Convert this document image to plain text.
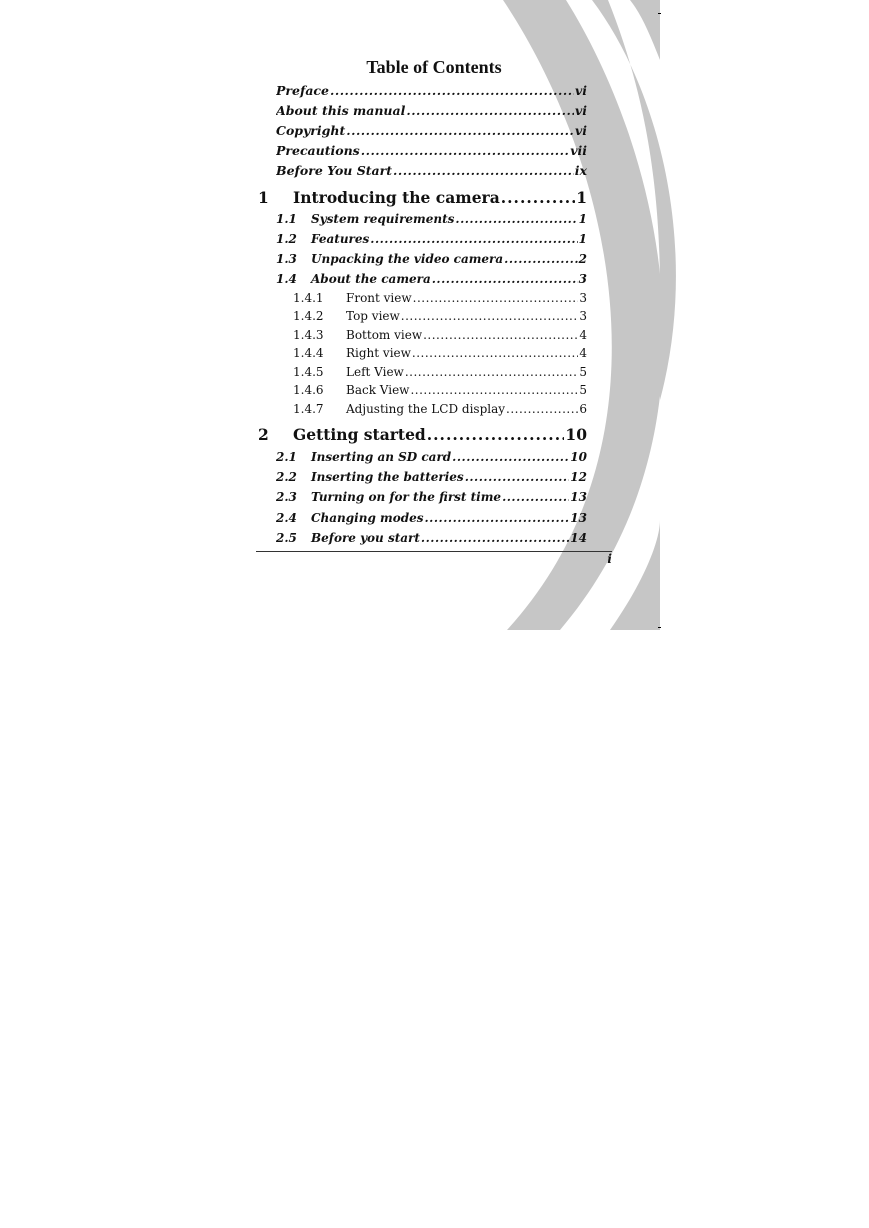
Table of Contents
Preface .....	vi
About this manual .....	vi
Copyright .....	vi
Precautions .....	vii
Before You Start .....	ix
1	Introducing the camera .....	1
1.1	System requirements .....	1
1.2	Features .....	1
1.3	Unpacking the video camera .....	2
1.4	About the camera .....	3
1.4.1	Front view .....	3
1.4.2	Top view .....	3
1.4.3	Bottom view .....	4
1.4.4	Right view .....	4
1.4.5	Left View .....	5
1.4.6	Back View .....	5
1.4.7	Adjusting the LCD display .....	6
2	Getting started .....	10
2.1	Inserting an SD card .....	10
2.2	Inserting the batteries .....	12
2.3	Turning on for the first time .....	13
2.4	Changing modes .....	13
2.5	Before you start .....	14
i
